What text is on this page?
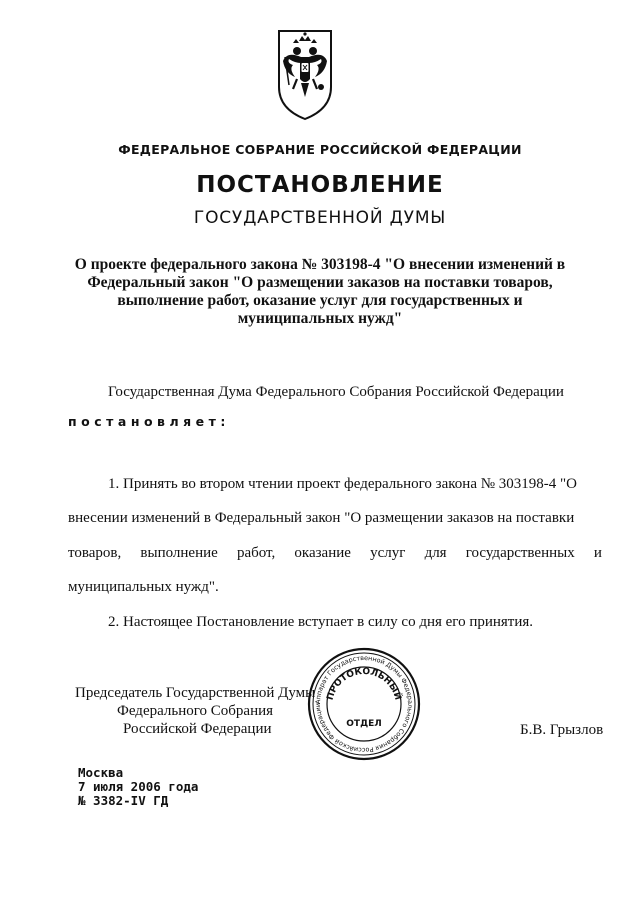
ФЕДЕРАЛЬНОЕ СОБРАНИЕ РОССИЙСКОЙ ФЕДЕРАЦИИ
ПОСТАНОВЛЕНИЕ
ГОСУДАРСТВЕННОЙ ДУМЫ
О проекте федерального закона № 303198-4 "О внесении изменений в
Федеральный закон "О размещении заказов на поставки товаров,
выполнение работ, оказание услуг для государственных и
муниципальных нужд"
Государственная Дума Федерального Собрания Российской Федерации
постановляет:
1. Принять во втором чтении проект федерального закона № 303198-4 "О
внесении изменений в Федеральный закон "О размещении заказов на поставки
товаров, выполнение работ, оказание услуг для государственных и
муниципальных нужд".
2. Настоящее Постановление вступает в силу со дня его принятия.
Председатель Государственной Думы
Федерального Собрания
Российской Федерации	Б.В. Грызлов
Аппарат Государственной Думы Федерального Собрания Российской Федерации
ПРОТОКОЛЬНЫЙ
ОТДЕЛ
Москва
7 июля 2006 года
№ 3382-IV ГД
